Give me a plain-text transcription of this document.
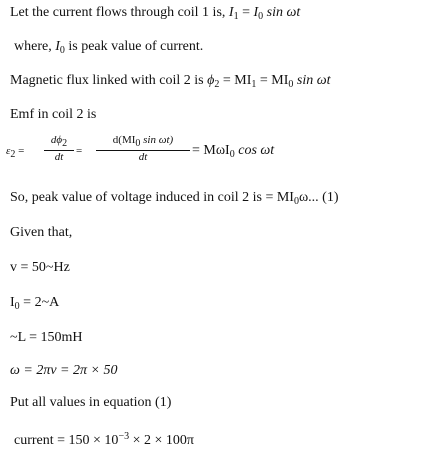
Let the current flows through coil 1 is, $I_1 = I_0$ sin ωt
where, $I_0$ is peak value of current.
Magnetic flux linked with coil 2 is $\phi_2 = MI_1 = MI_0$ sin ωt
Emf in coil 2 is
$\varepsilon_2$ =
$d\phi_2$
dt	=
$d(MI_0$ sin ωt)
dt	= MωI$_0$ cos ωt
So, peak value of voltage induced in coil 2 is = $MI_0\omega$... (1)
Given that,
v = 50~Hz
$I_0$ = 2~A
~L = 150mH
ω = 2πv = 2π × 50
Put all values in equation (1)
current = $150 \times 10^{-3} \times 2 \times 100\pi$
